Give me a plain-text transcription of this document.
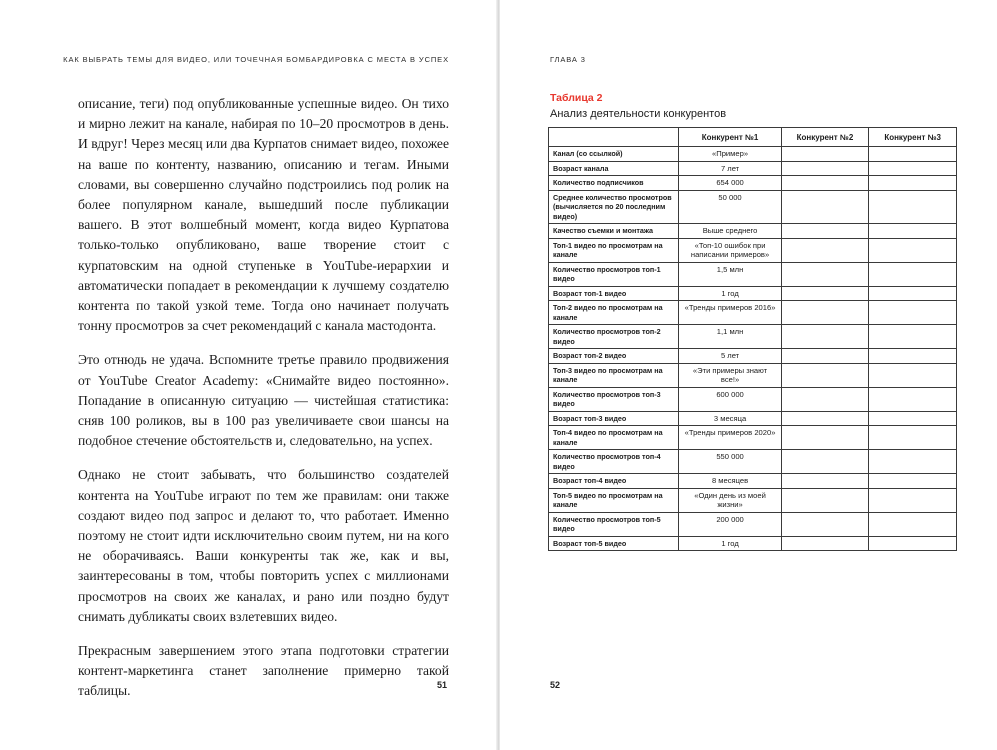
КАК ВЫБРАТЬ ТЕМЫ ДЛЯ ВИДЕО, ИЛИ ТОЧЕЧНАЯ БОМБАРДИРОВКА С МЕСТА В УСПЕХ

описание, теги) под опубликованные успешные видео. Он тихо и мирно лежит на канале, набирая по 10–20 просмотров в день. И вдруг! Через месяц или два Курпатов снимает видео, похожее на ваше по контенту, названию, описанию и тегам. Иными словами, вы совершенно случайно подстроились под ролик на более популярном канале, вышедший после публикации вашего. В этот волшебный момент, когда видео Курпатова только-только опубликовано, ваше творение стоит с курпатовским на одной ступеньке в YouTube-иерархии и автоматически попадает в рекомендации к лучшему создателю контента по такой узкой теме. Тогда оно начинает получать тонну просмотров за счет рекомендаций с канала мастодонта.

Это отнюдь не удача. Вспомните третье правило продвижения от YouTube Creator Academy: «Снимайте видео постоянно». Попадание в описанную ситуацию — чистейшая статистика: сняв 100 роликов, вы в 100 раз увеличиваете свои шансы на подобное стечение обстоятельств и, следовательно, на успех.

Однако не стоит забывать, что большинство создателей контента на YouTube играют по тем же правилам: они также создают видео под запрос и делают то, что работает. Именно поэтому не стоит идти исключительно своим путем, ни на кого не оборачиваясь. Ваши конкуренты так же, как и вы, заинтересованы в том, чтобы повторить успех с миллионами просмотров на своих же каналах, и рано или поздно будут снимать дубликаты своих взлетевших видео.

Прекрасным завершением этого этапа подготовки стратегии контент-маркетинга станет заполнение примерно такой таблицы.	51
ГЛАВА 3
Таблица 2
Анализ деятельности конкурентов
	Конкурент №1	Конкурент №2	Конкурент №3
Канал (со ссылкой)	«Пример»		
Возраст канала	7 лет		
Количество подписчиков	654 000		
Среднее количество просмотров (вычисляется по 20 последним видео)	50 000		
Качество съемки и монтажа	Выше среднего		
Топ-1 видео по просмотрам на канале	«Топ-10 ошибок при написании примеров»		
Количество просмотров топ-1 видео	1,5 млн		
Возраст топ-1 видео	1 год		
Топ-2 видео по просмотрам на канале	«Тренды примеров 2016»		
Количество просмотров топ-2 видео	1,1 млн		
Возраст топ-2 видео	5 лет		
Топ-3 видео по просмотрам на канале	«Эти примеры знают все!»		
Количество просмотров топ-3 видео	600 000		
Возраст топ-3 видео	3 месяца		
Топ-4 видео по просмотрам на канале	«Тренды примеров 2020»		
Количество просмотров топ-4 видео	550 000		
Возраст топ-4 видео	8 месяцев		
Топ-5 видео по просмотрам на канале	«Один день из моей жизни»		
Количество просмотров топ-5 видео	200 000		
Возраст топ-5 видео	1 год		
52
